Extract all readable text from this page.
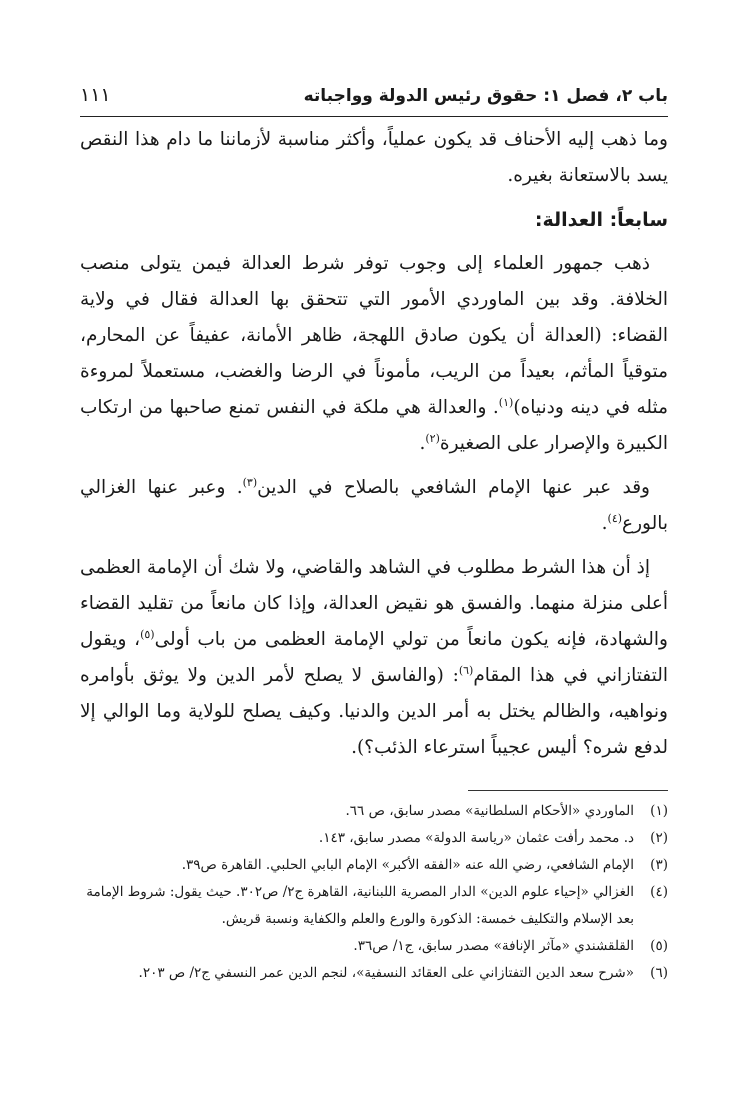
باب ٢، فصل ١: حقوق رئيس الدولة وواجباته
١١١

وما ذهب إليه الأحناف قد يكون عملياً، وأكثر مناسبة لأزماننا ما دام هذا النقص يسد بالاستعانة بغيره.

سابعاً: العدالة:

ذهب جمهور العلماء إلى وجوب توفر شرط العدالة فيمن يتولى منصب الخلافة. وقد بين الماوردي الأمور التي تتحقق بها العدالة فقال في ولاية القضاء: (العدالة أن يكون صادق اللهجة، ظاهر الأمانة، عفيفاً عن المحارم، متوقياً المأثم، بعيداً من الريب، مأموناً في الرضا والغضب، مستعملاً لمروءة مثله في دينه ودنياه)$^{(١)}$. والعدالة هي ملكة في النفس تمنع صاحبها من ارتكاب الكبيرة والإصرار على الصغيرة$^{(٢)}$.

وقد عبر عنها الإمام الشافعي بالصلاح في الدين$^{(٣)}$. وعبر عنها الغزالي بالورع$^{(٤)}$.

إذ أن هذا الشرط مطلوب في الشاهد والقاضي، ولا شك أن الإمامة العظمى أعلى منزلة منهما. والفسق هو نقيض العدالة، وإذا كان مانعاً من تقليد القضاء والشهادة، فإنه يكون مانعاً من تولي الإمامة العظمى من باب أولى$^{(٥)}$، ويقول التفتازاني في هذا المقام$^{(٦)}$: (والفاسق لا يصلح لأمر الدين ولا يوثق بأوامره ونواهيه، والظالم يختل به أمر الدين والدنيا. وكيف يصلح للولاية وما الوالي إلا لدفع شره؟ أليس عجيباً استرعاء الذئب؟).

(١)
الماوردي «الأحكام السلطانية» مصدر سابق، ص ٦٦.
(٢)
د. محمد رأفت عثمان «رياسة الدولة» مصدر سابق، ١٤٣.
(٣)
الإمام الشافعي، رضي الله عنه «الفقه الأكبر» الإمام البابي الحلبي. القاهرة ص٣٩.
(٤)
الغزالي «إحياء علوم الدين» الدار المصرية اللبنانية، القاهرة ج٢/ ص٣٠٢. حيث يقول: شروط الإمامة بعد الإسلام والتكليف خمسة: الذكورة والورع والعلم والكفاية ونسبة قريش.
(٥)
القلقشندي «مآثر الإنافة» مصدر سابق، ج١/ ص٣٦.
(٦)
«شرح سعد الدين التفتازاني على العقائد النسفية»، لنجم الدين عمر النسفي ج٢/ ص ٢٠٣.
